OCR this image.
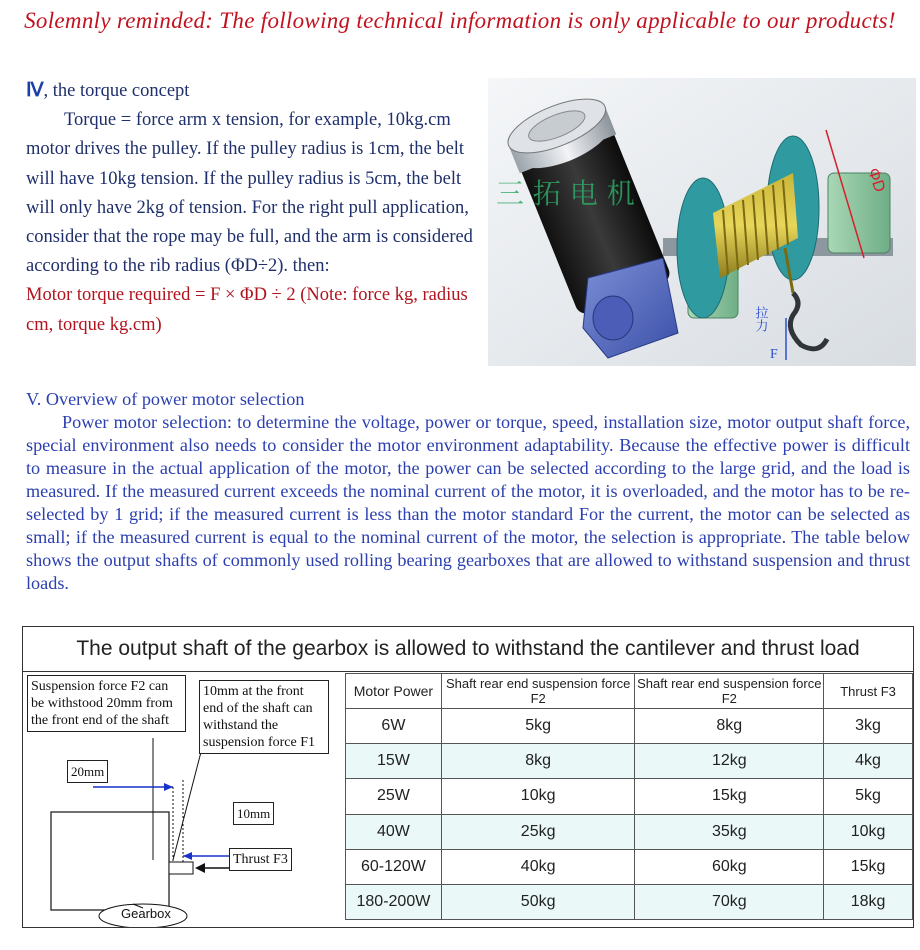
Solemnly reminded: The following technical information is only applicable to our products!
Ⅳ, the torque concept
Torque = force arm x tension, for example, 10kg.cm motor drives the pulley. If the pulley radius is 1cm, the belt will have 10kg tension. If the pulley radius is 5cm, the belt will only have 2kg of tension. For the right pull application, consider that the rope may be full, and the arm is considered according to the rib radius (ΦD÷2). then:
Motor torque required = F × ΦD ÷ 2 (Note: force kg, radius cm, torque kg.cm)
ΦD
三 拓 电 机
拉力
F
V. Overview of power motor selection
Power motor selection: to determine the voltage, power or torque, speed, installation size, motor output shaft force, special environment also needs to consider the motor environment adaptability. Because the effective power is difficult to measure in the actual application of the motor, the power can be selected according to the large grid, and the load is measured. If the measured current exceeds the nominal current of the motor, it is overloaded, and the motor has to be re-selected by 1 grid; if the measured current is less than the motor standard For the current, the motor can be selected as small; if the measured current is equal to the nominal current of the motor, the selection is appropriate. The table below shows the output shafts of commonly used rolling bearing gearboxes that are allowed to withstand suspension and thrust loads.
The output shaft of the gearbox is allowed to withstand the cantilever and thrust load
Suspension force F2 can be withstood 20mm from the front end of the shaft
10mm at the front end of the shaft can withstand the suspension force F1
20mm
10mm
Thrust F3
Gearbox
Motor Power	Shaft rear end suspension force F2	Shaft rear end suspension force F2	Thrust F3
6W	5kg	8kg	3kg
15W	8kg	12kg	4kg
25W	10kg	15kg	5kg
40W	25kg	35kg	10kg
60-120W	40kg	60kg	15kg
180-200W	50kg	70kg	18kg
